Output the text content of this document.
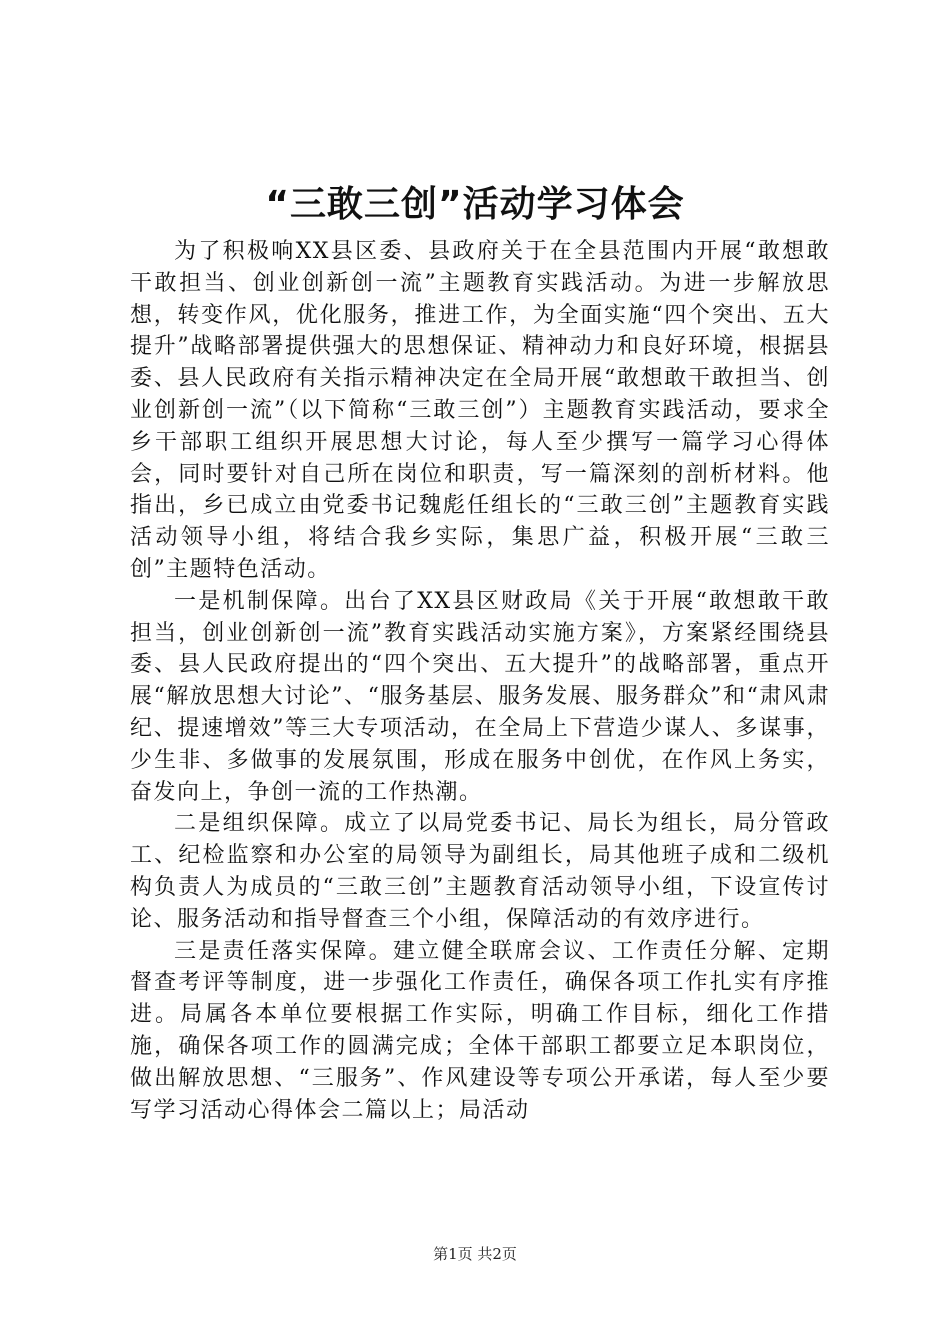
“三敢三创”活动学习体会

为了积极响XX县区委、县政府关于在全县范围内开展“敢想敢干敢担当、创业创新创一流”主题教育实践活动。为进一步解放思想，转变作风，优化服务，推进工作，为全面实施“四个突出、五大提升”战略部署提供强大的思想保证、精神动力和良好环境，根据县委、县人民政府有关指示精神决定在全局开展“敢想敢干敢担当、创业创新创一流”（以下简称“三敢三创”）主题教育实践活动，要求全乡干部职工组织开展思想大讨论，每人至少撰写一篇学习心得体会，同时要针对自己所在岗位和职责，写一篇深刻的剖析材料。他指出，乡已成立由党委书记魏彪任组长的“三敢三创”主题教育实践活动领导小组，将结合我乡实际，集思广益，积极开展“三敢三创”主题特色活动。

一是机制保障。出台了XX县区财政局《关于开展“敢想敢干敢担当，创业创新创一流”教育实践活动实施方案》，方案紧经围绕县委、县人民政府提出的“四个突出、五大提升”的战略部署，重点开展“解放思想大讨论”、“服务基层、服务发展、服务群众”和“肃风肃纪、提速增效”等三大专项活动，在全局上下营造少谋人、多谋事，少生非、多做事的发展氛围，形成在服务中创优，在作风上务实，奋发向上，争创一流的工作热潮。

二是组织保障。成立了以局党委书记、局长为组长，局分管政工、纪检监察和办公室的局领导为副组长，局其他班子成和二级机构负责人为成员的“三敢三创”主题教育活动领导小组，下设宣传讨论、服务活动和指导督查三个小组，保障活动的有效序进行。

三是责任落实保障。建立健全联席会议、工作责任分解、定期督查考评等制度，进一步强化工作责任，确保各项工作扎实有序推进。局属各本单位要根据工作实际，明确工作目标，细化工作措施，确保各项工作的圆满完成；全体干部职工都要立足本职岗位，做出解放思想、“三服务”、作风建设等专项公开承诺，每人至少要写学习活动心得体会二篇以上；局活动

第1页 共2页
